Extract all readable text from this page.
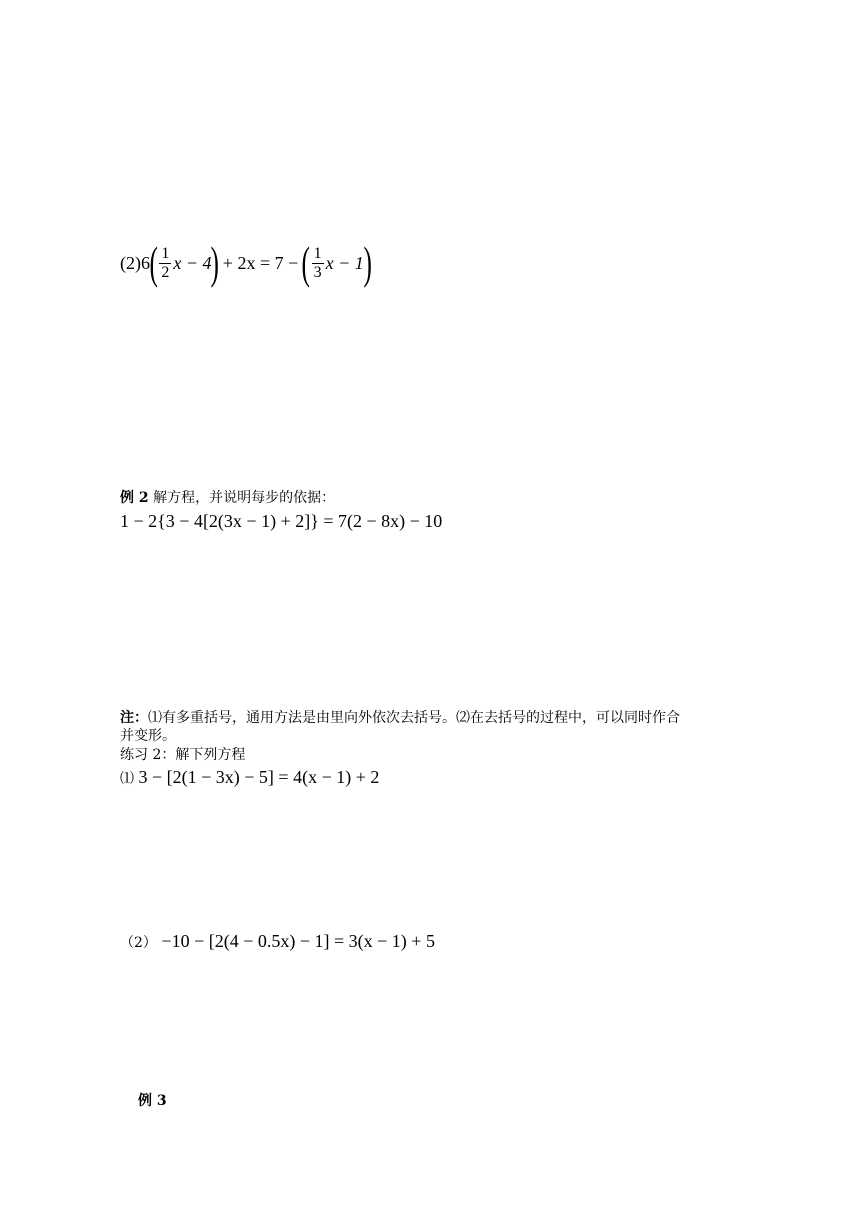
(2)6 ( $\frac{1}{2}$ x − 4 ) + 2x = 7 − ( $\frac{1}{3}$ x − 1 )
例 2 解方程，并说明每步的依据：
1 − 2{3 − 4[2(3x − 1) + 2]} = 7(2 − 8x) − 10
注：⑴有多重括号，通用方法是由里向外依次去括号。⑵在去括号的过程中，可以同时作合
并变形。
练习 2：解下列方程
⑴ 3 − [2(1 − 3x) − 5] = 4(x − 1) + 2
（2） −10 − [2(4 − 0.5x) − 1] = 3(x − 1) + 5
例 3
